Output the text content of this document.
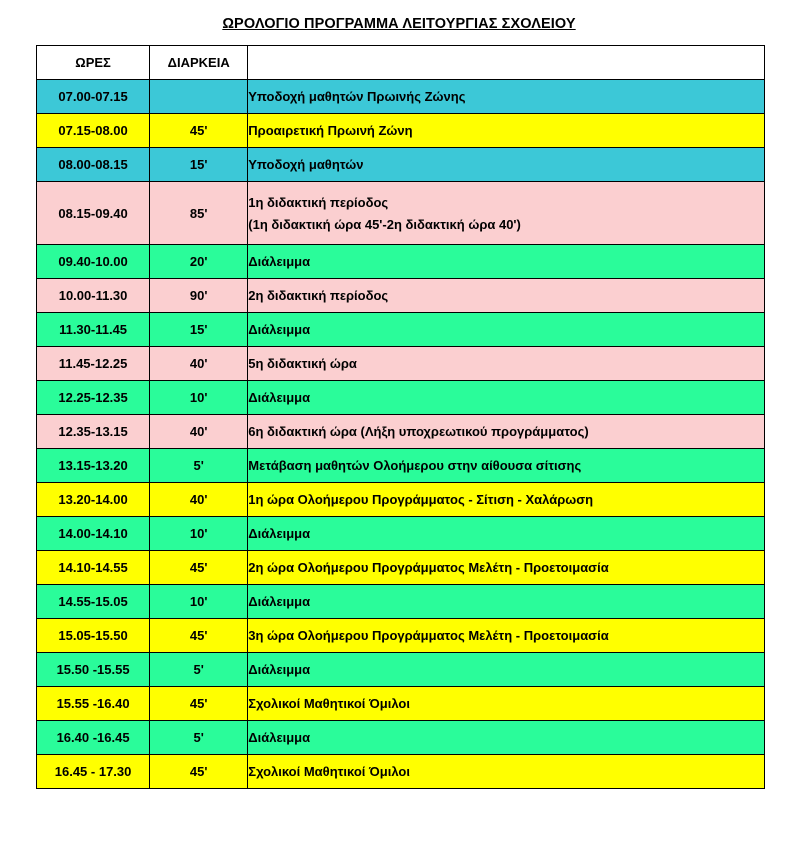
ΩΡΟΛΟΓΙΟ ΠΡΟΓΡΑΜΜΑ ΛΕΙΤΟΥΡΓΙΑΣ ΣΧΟΛΕΙΟΥ
ΩΡΕΣ	ΔΙΑΡΚΕΙΑ	
07.00-07.15		Υποδοχή μαθητών Πρωινής Ζώνης
07.15-08.00	45'	Προαιρετική Πρωινή Ζώνη
08.00-08.15	15'	Υποδοχή μαθητών
08.15-09.40	85'	1η διδακτική περίοδος
(1η διδακτική ώρα 45'-2η διδακτική ώρα 40')

09.40-10.00	20'	Διάλειμμα
10.00-11.30	90'	2η διδακτική περίοδος
11.30-11.45	15'	Διάλειμμα
11.45-12.25	40'	5η διδακτική ώρα
12.25-12.35	10'	Διάλειμμα
12.35-13.15	40'	6η διδακτική ώρα (Λήξη υποχρεωτικού προγράμματος)
13.15-13.20	5'	Μετάβαση μαθητών Ολοήμερου στην αίθουσα σίτισης
13.20-14.00	40'	1η ώρα Ολοήμερου Προγράμματος - Σίτιση - Χαλάρωση
14.00-14.10	10'	Διάλειμμα
14.10-14.55	45'	2η ώρα Ολοήμερου Προγράμματος Μελέτη - Προετοιμασία
14.55-15.05	10'	Διάλειμμα
15.05-15.50	45'	3η ώρα Ολοήμερου Προγράμματος Μελέτη - Προετοιμασία
15.50 -15.55	5'	Διάλειμμα
15.55 -16.40	45'	Σχολικοί Μαθητικοί Όμιλοι
16.40 -16.45	5'	Διάλειμμα
16.45 - 17.30	45'	Σχολικοί Μαθητικοί Όμιλοι
